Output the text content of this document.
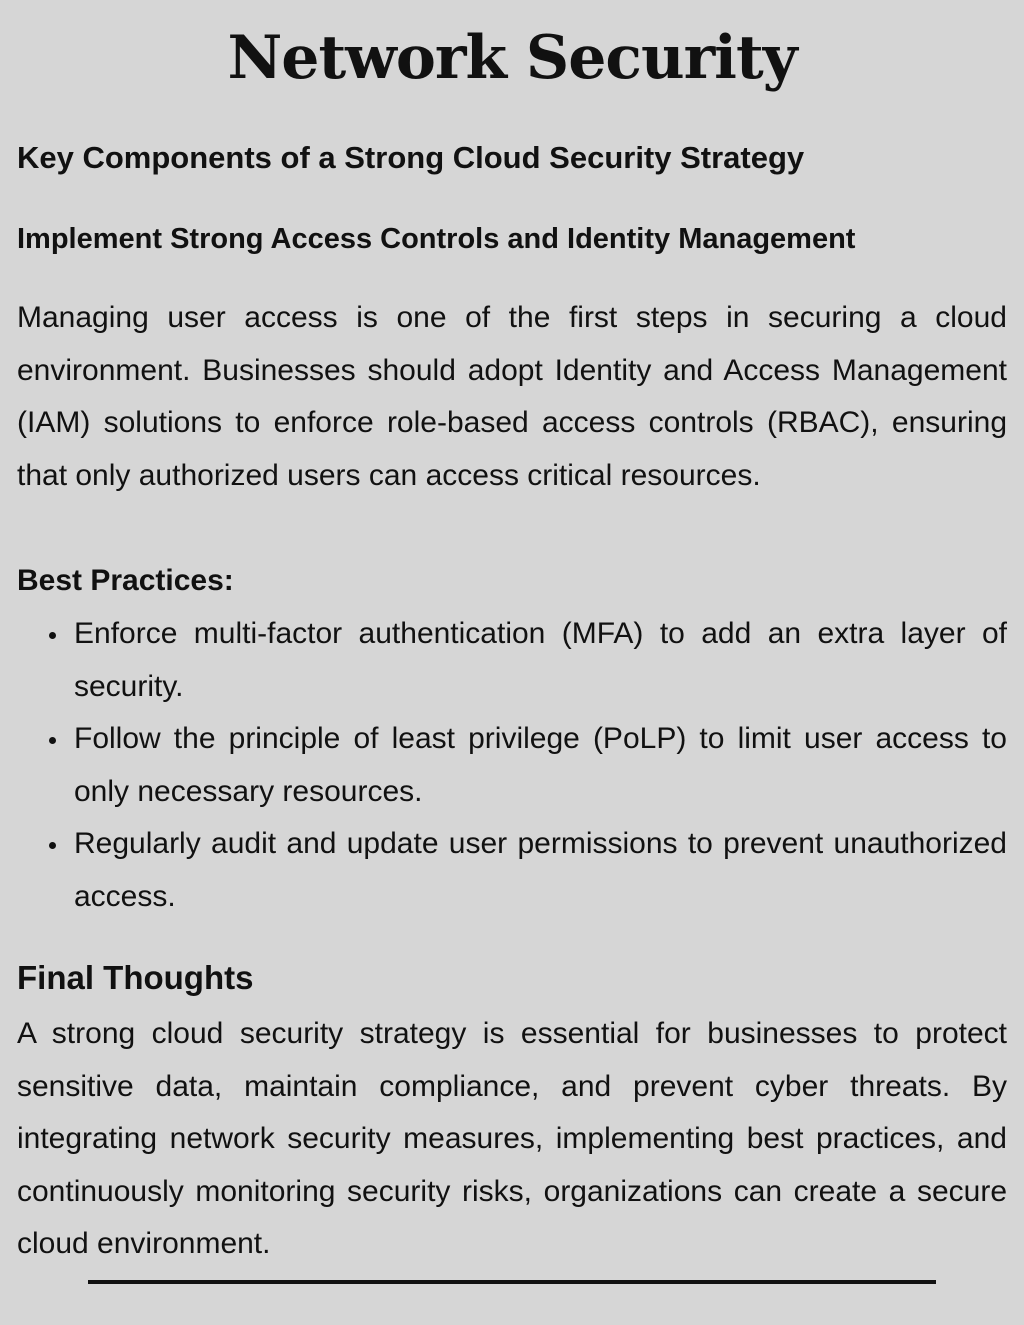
Network Security
Key Components of a Strong Cloud Security Strategy
Implement Strong Access Controls and Identity Management

Managing user access is one of the first steps in securing a cloud environment. Businesses should adopt Identity and Access Management (IAM) solutions to enforce role-based access controls (RBAC), ensuring that only authorized users can access critical resources.

Best Practices:

Enforce multi-factor authentication (MFA) to add an extra layer of security.
Follow the principle of least privilege (PoLP) to limit user access to only necessary resources.
Regularly audit and update user permissions to prevent unauthorized access.
Final Thoughts

A strong cloud security strategy is essential for businesses to protect sensitive data, maintain compliance, and prevent cyber threats. By integrating network security measures, implementing best practices, and continuously monitoring security risks, organizations can create a secure cloud environment.
